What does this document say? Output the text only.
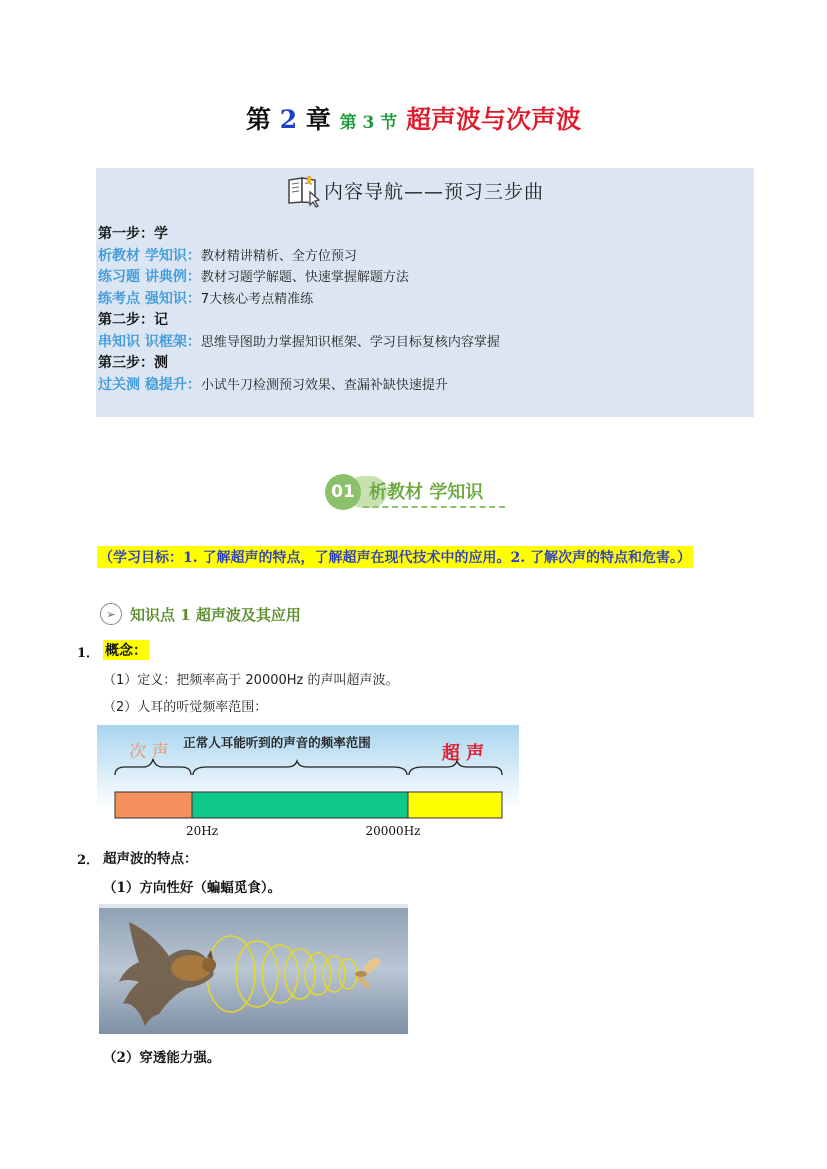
第 2 章 第 3 节 超声波与次声波
内容导航——预习三步曲
第一步：学
析教材 学知识：教材精讲精析、全方位预习
练习题 讲典例：教材习题学解题、快速掌握解题方法
练考点 强知识：7大核心考点精准练
第二步：记
串知识 识框架：思维导图助力掌握知识框架、学习目标复核内容掌握
第三步：测
过关测 稳提升：小试牛刀检测预习效果、查漏补缺快速提升
01 析教材 学知识
（学习目标：1. 了解超声的特点，了解超声在现代技术中的应用。2. 了解次声的特点和危害。）
➢ 知识点 1 超声波及其应用
1． 概念：
（1）定义：把频率高于 20000Hz 的声叫超声波。
（2）人耳的听觉频率范围：
正常人耳能听到的声音的频率范围
次 声	超 声
20Hz	20000Hz
2． 超声波的特点：
（1）方向性好（蝙蝠觅食）。
（2）穿透能力强。
